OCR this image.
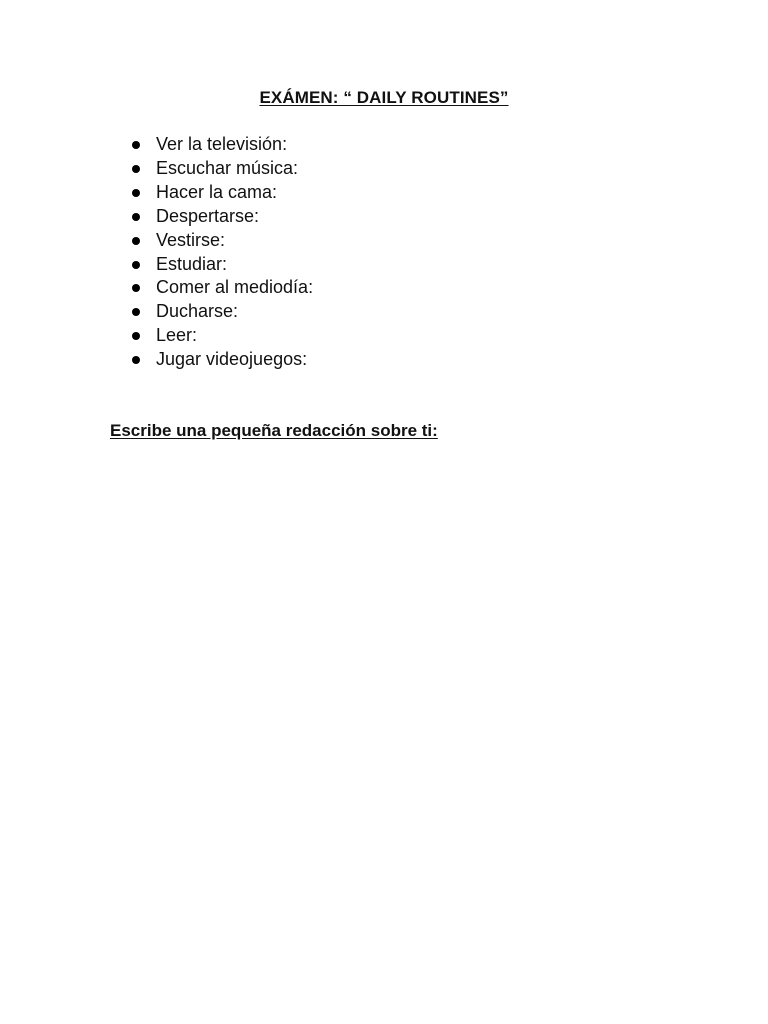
EXÁMEN: “ DAILY ROUTINES”
Ver la televisión:
Escuchar música:
Hacer la cama:
Despertarse:
Vestirse:
Estudiar:
Comer al mediodía:
Ducharse:
Leer:
Jugar videojuegos:

Escribe una pequeña redacción sobre ti:
